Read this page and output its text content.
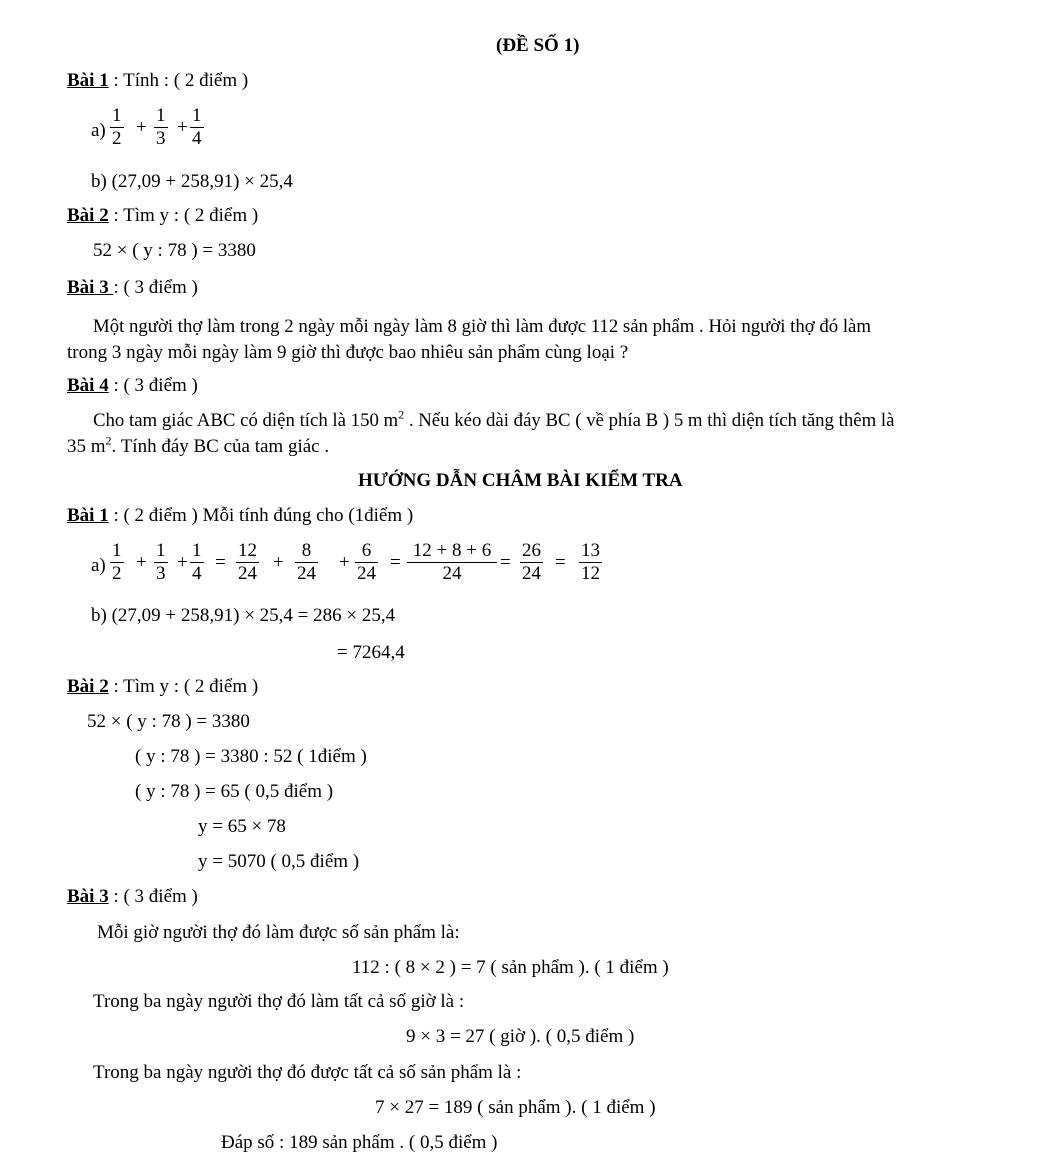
(ĐỀ SỐ 1)
Bài 1 : Tính : ( 2 điểm )
$a) \frac{1}{2} + \frac{1}{3} + \frac{1}{4}$
b) (27,09 + 258,91) × 25,4
Bài 2 : Tìm y : ( 2 điểm )
52 × ( y : 78 ) = 3380
Bài 3 : ( 3 điểm )
Một người thợ làm trong 2 ngày mỗi ngày làm 8 giờ thì làm được 112 sản phẩm . Hỏi người thợ đó làm
trong 3 ngày mỗi ngày làm 9 giờ thì được bao nhiêu sản phẩm cùng loại ?
Bài 4 : ( 3 điểm )
Cho tam giác ABC có diện tích là 150 $m^2$ . Nếu kéo dài đáy BC ( về phía B ) 5 m thì diện tích tăng thêm là
35 $m^2$. Tính đáy BC của tam giác .
HƯỚNG DẪN CHÂM BÀI KIỂM TRA
Bài 1 : ( 2 điểm ) Mỗi tính đúng cho (1điểm )
$a) \frac{1}{2} + \frac{1}{3} + \frac{1}{4} = \frac{12}{24} + \frac{8}{24} + \frac{6}{24} = \frac{12 + 8 + 6}{24} = \frac{26}{24} = \frac{13}{12}$
b) (27,09 + 258,91) × 25,4 = 286 × 25,4
= 7264,4
Bài 2 : Tìm y : ( 2 điểm )
52 × ( y : 78 ) = 3380
( y : 78 ) = 3380 : 52 ( 1điểm )
( y : 78 ) = 65 ( 0,5 điểm )
y = 65 × 78
y = 5070 ( 0,5 điểm )
Bài 3 : ( 3 điểm )
Mỗi giờ người thợ đó làm được số sản phẩm là:
112 : ( 8 × 2 ) = 7 ( sản phẩm ). ( 1 điểm )
Trong ba ngày người thợ đó làm tất cả số giờ là :
9 × 3 = 27 ( giờ ). ( 0,5 điểm )
Trong ba ngày người thợ đó được tất cả số sản phẩm là :
7 × 27 = 189 ( sản phẩm ). ( 1 điểm )
Đáp số : 189 sản phẩm . ( 0,5 điểm )
